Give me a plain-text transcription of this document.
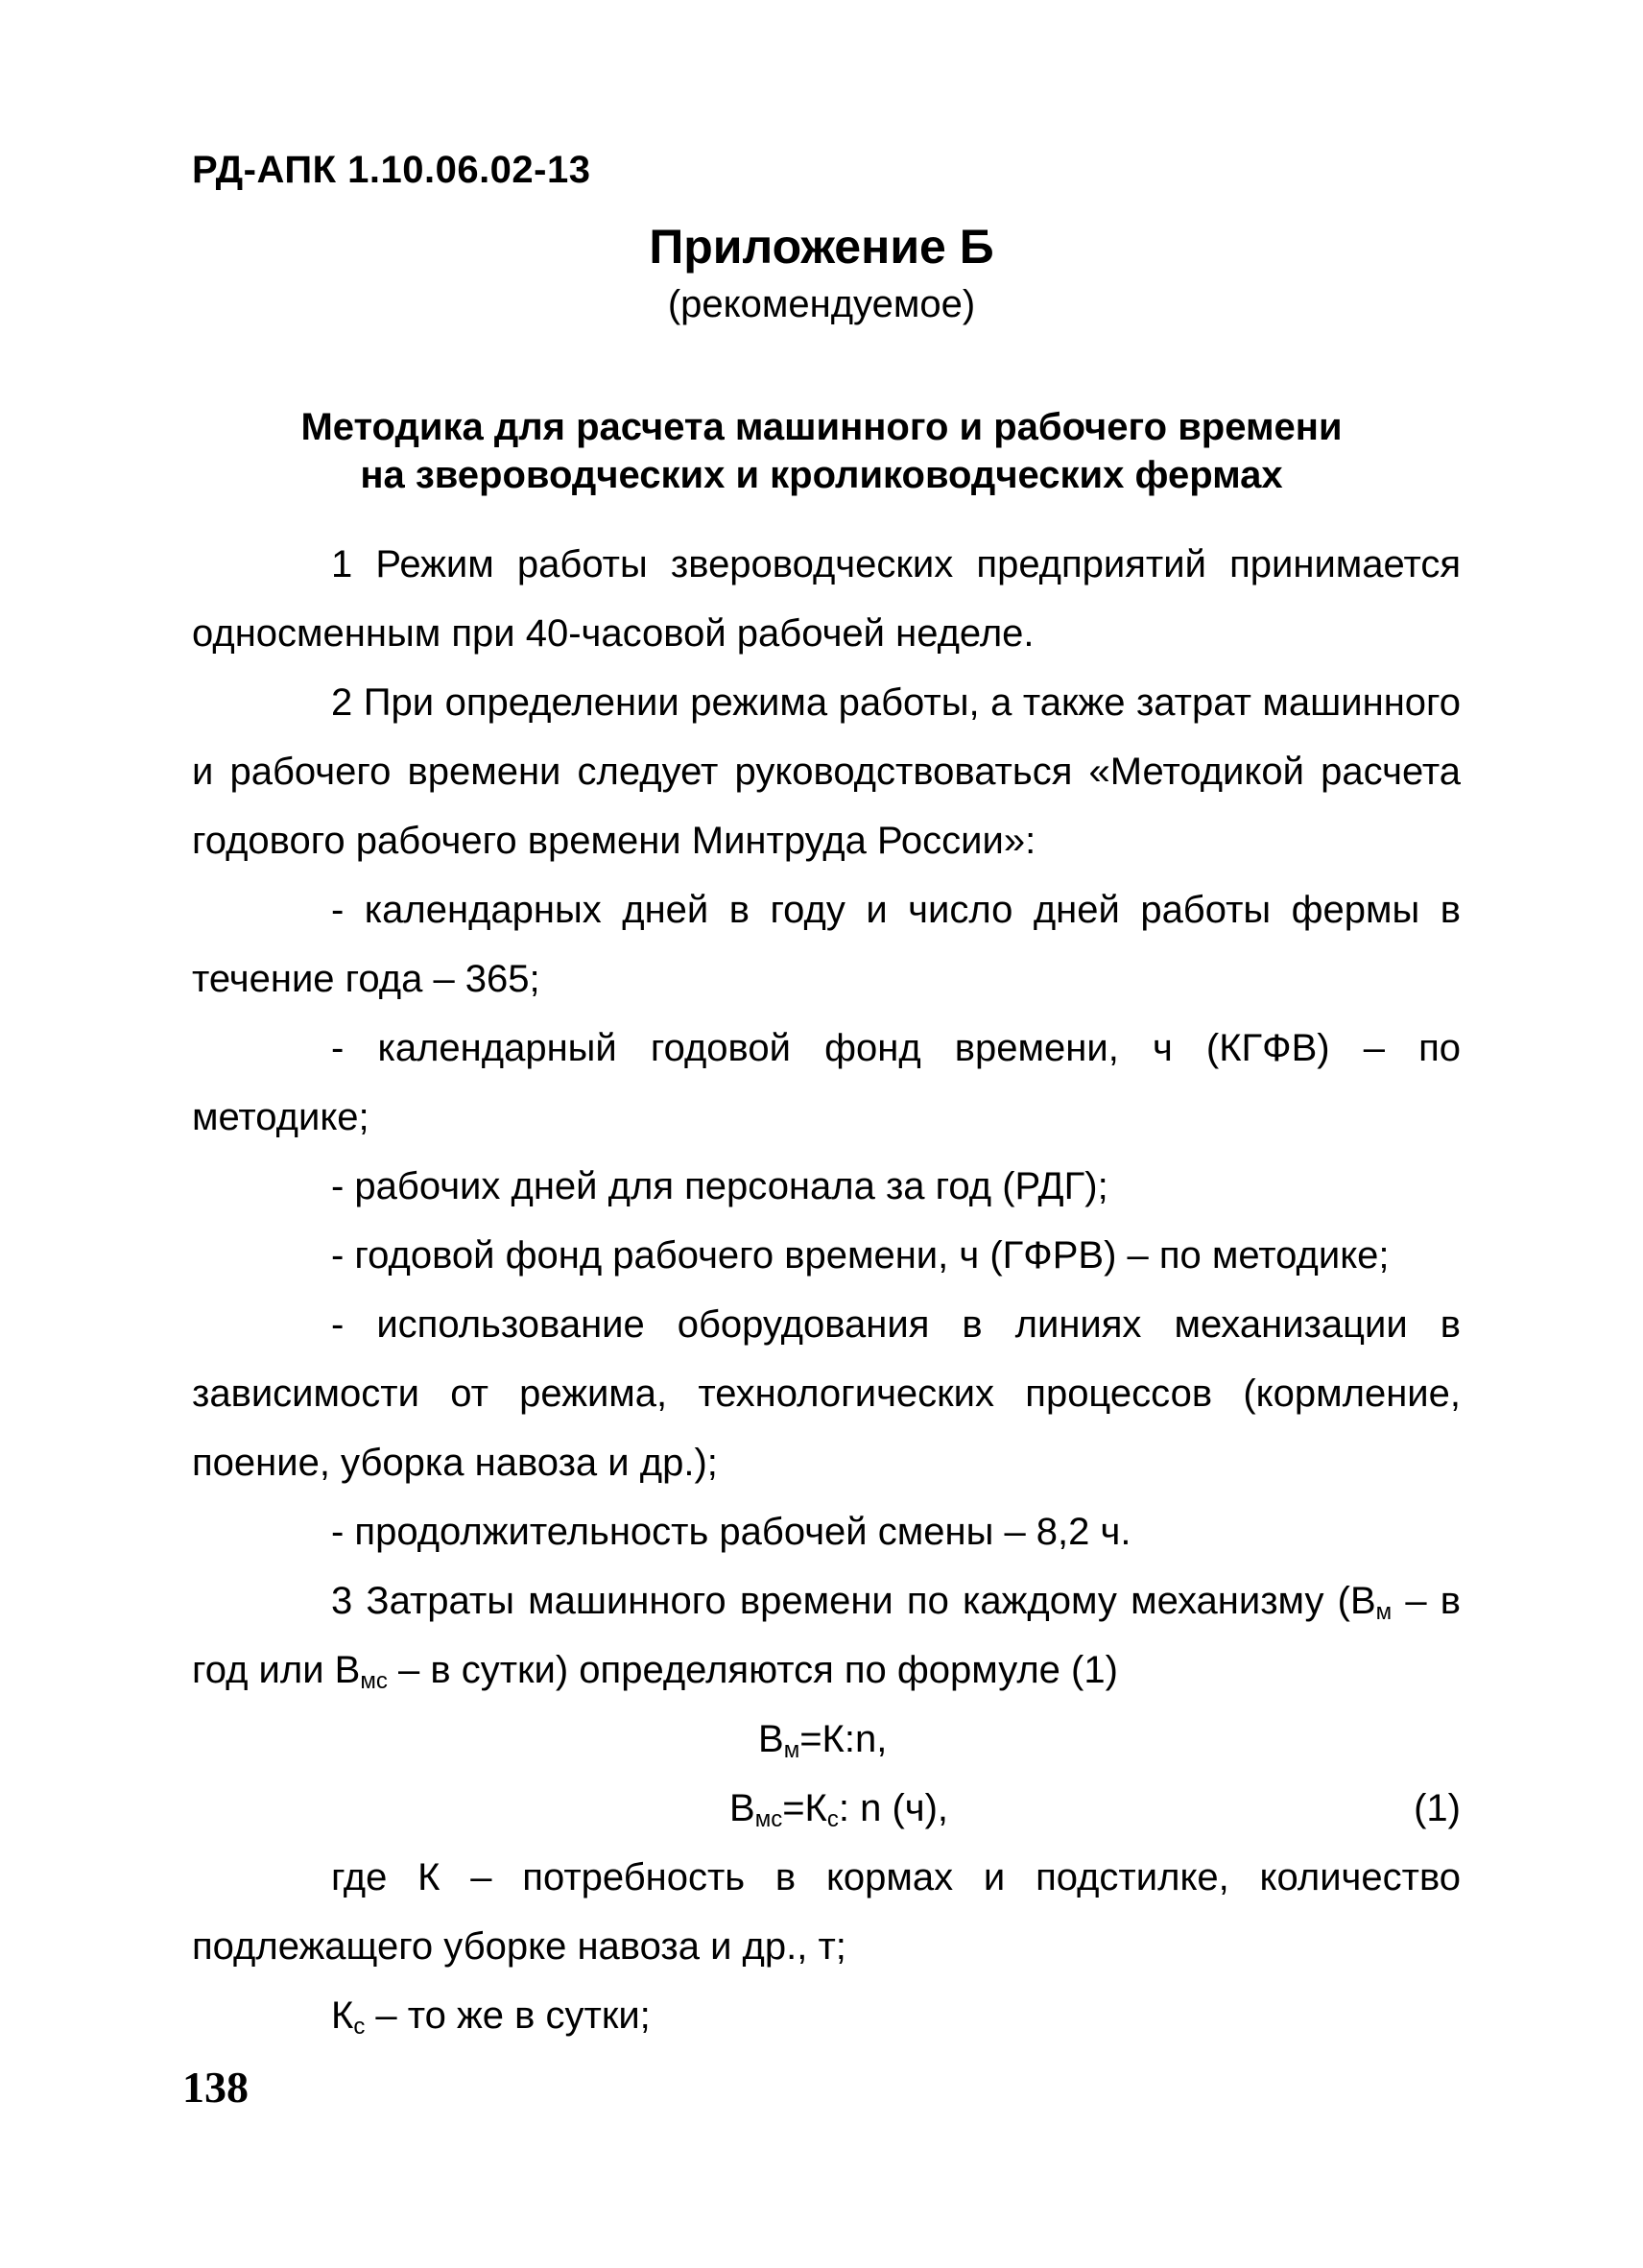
РД-АПК 1.10.06.02-13
Приложение Б
(рекомендуемое)
Методика для расчета машинного и рабочего времени
на звероводческих и кролиководческих фермах

1 Режим работы звероводческих предприятий принимается односменным при 40-часовой рабочей неделе.

2 При определении режима работы, а также затрат машинного и рабочего времени следует руководствоваться «Методикой расчета годового рабочего времени Минтруда России»:

- календарных дней в году и число дней работы фермы в течение года – 365;

- календарный годовой фонд времени, ч (КГФВ) – по методике;

- рабочих дней для персонала за год (РДГ);

- годовой фонд рабочего времени, ч (ГФРВ) – по методике;

- использование оборудования в линиях механизации в зависимости от режима, технологических процессов (кормление, поение, уборка навоза и др.);

- продолжительность рабочей смены – 8,2 ч.

3 Затраты машинного времени по каждому механизму ($В_м$ – в год или $В_{мс}$ – в сутки) определяются по формуле (1)

$В_м=К:n$,
$В_{мс}=К_с$: n (ч),	(1)

где К – потребность в кормах и подстилке, количество подлежащего уборке навоза и др., т;

$К_с$ – то же в сутки;

138
